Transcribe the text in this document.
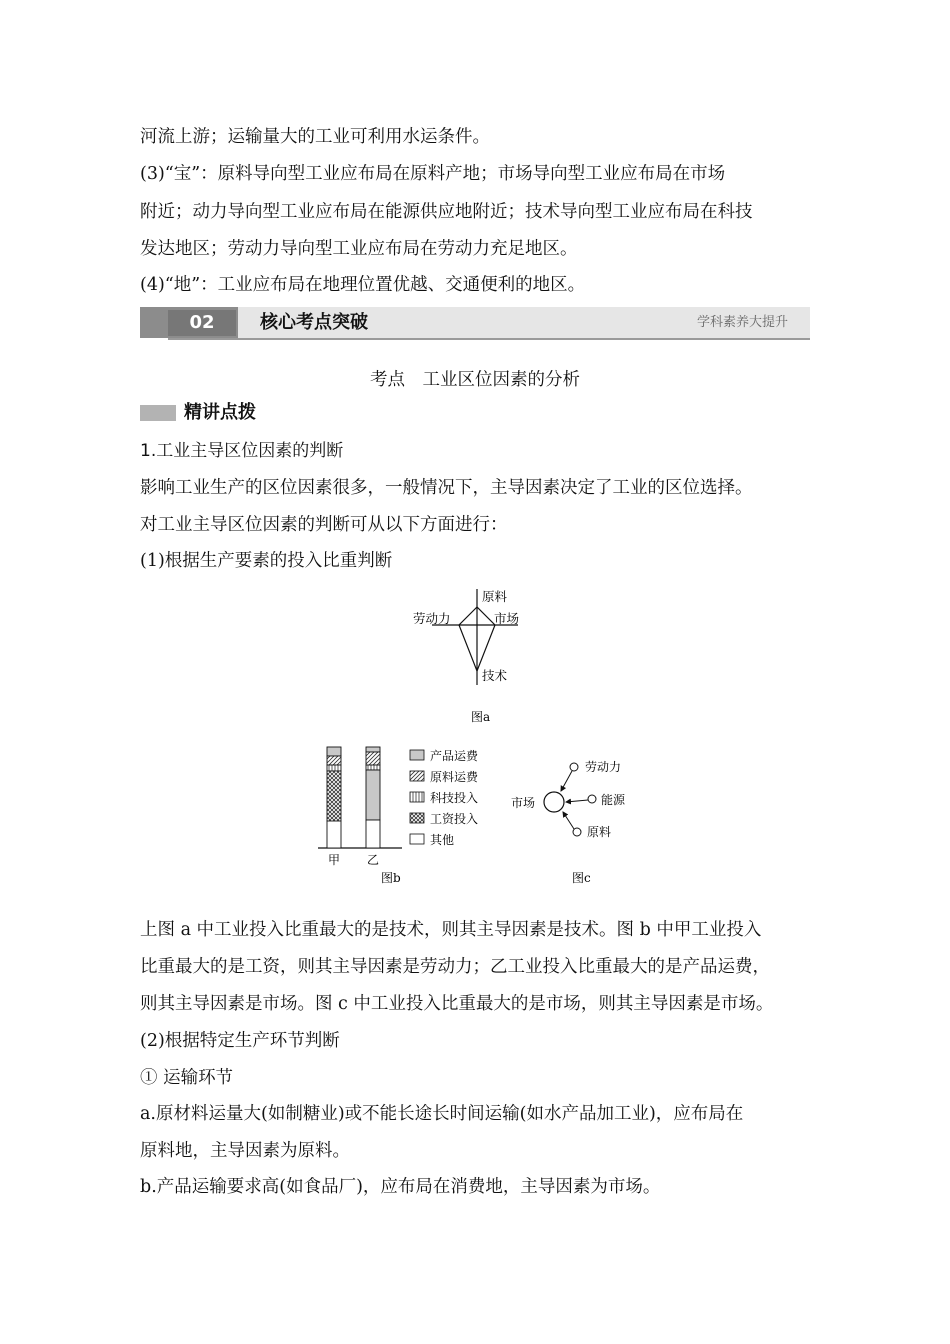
河流上游；运输量大的工业可利用水运条件。
(3)“宝”：原料导向型工业应布局在原料产地；市场导向型工业应布局在市场
附近；动力导向型工业应布局在能源供应地附近；技术导向型工业应布局在科技
发达地区；劳动力导向型工业应布局在劳动力充足地区。
(4)“地”：工业应布局在地理位置优越、交通便利的地区。
02	核心考点突破	学科素养大提升
考点　工业区位因素的分析
精讲点拨
1.工业主导区位因素的判断
影响工业生产的区位因素很多，一般情况下，主导因素决定了工业的区位选择。
对工业主导区位因素的判断可从以下方面进行：
(1)根据生产要素的投入比重判断
原料
劳动力	市场
技术
图a
甲 乙
产品运费
原料运费
科技投入
工资投入
其他
图b
市场
劳动力
能源
原料
图c
上图 a 中工业投入比重最大的是技术，则其主导因素是技术。图 b 中甲工业投入
比重最大的是工资，则其主导因素是劳动力；乙工业投入比重最大的是产品运费，
则其主导因素是市场。图 c 中工业投入比重最大的是市场，则其主导因素是市场。
(2)根据特定生产环节判断
① 运输环节
a.原材料运量大(如制糖业)或不能长途长时间运输(如水产品加工业)，应布局在
原料地，主导因素为原料。
b.产品运输要求高(如食品厂)，应布局在消费地，主导因素为市场。
